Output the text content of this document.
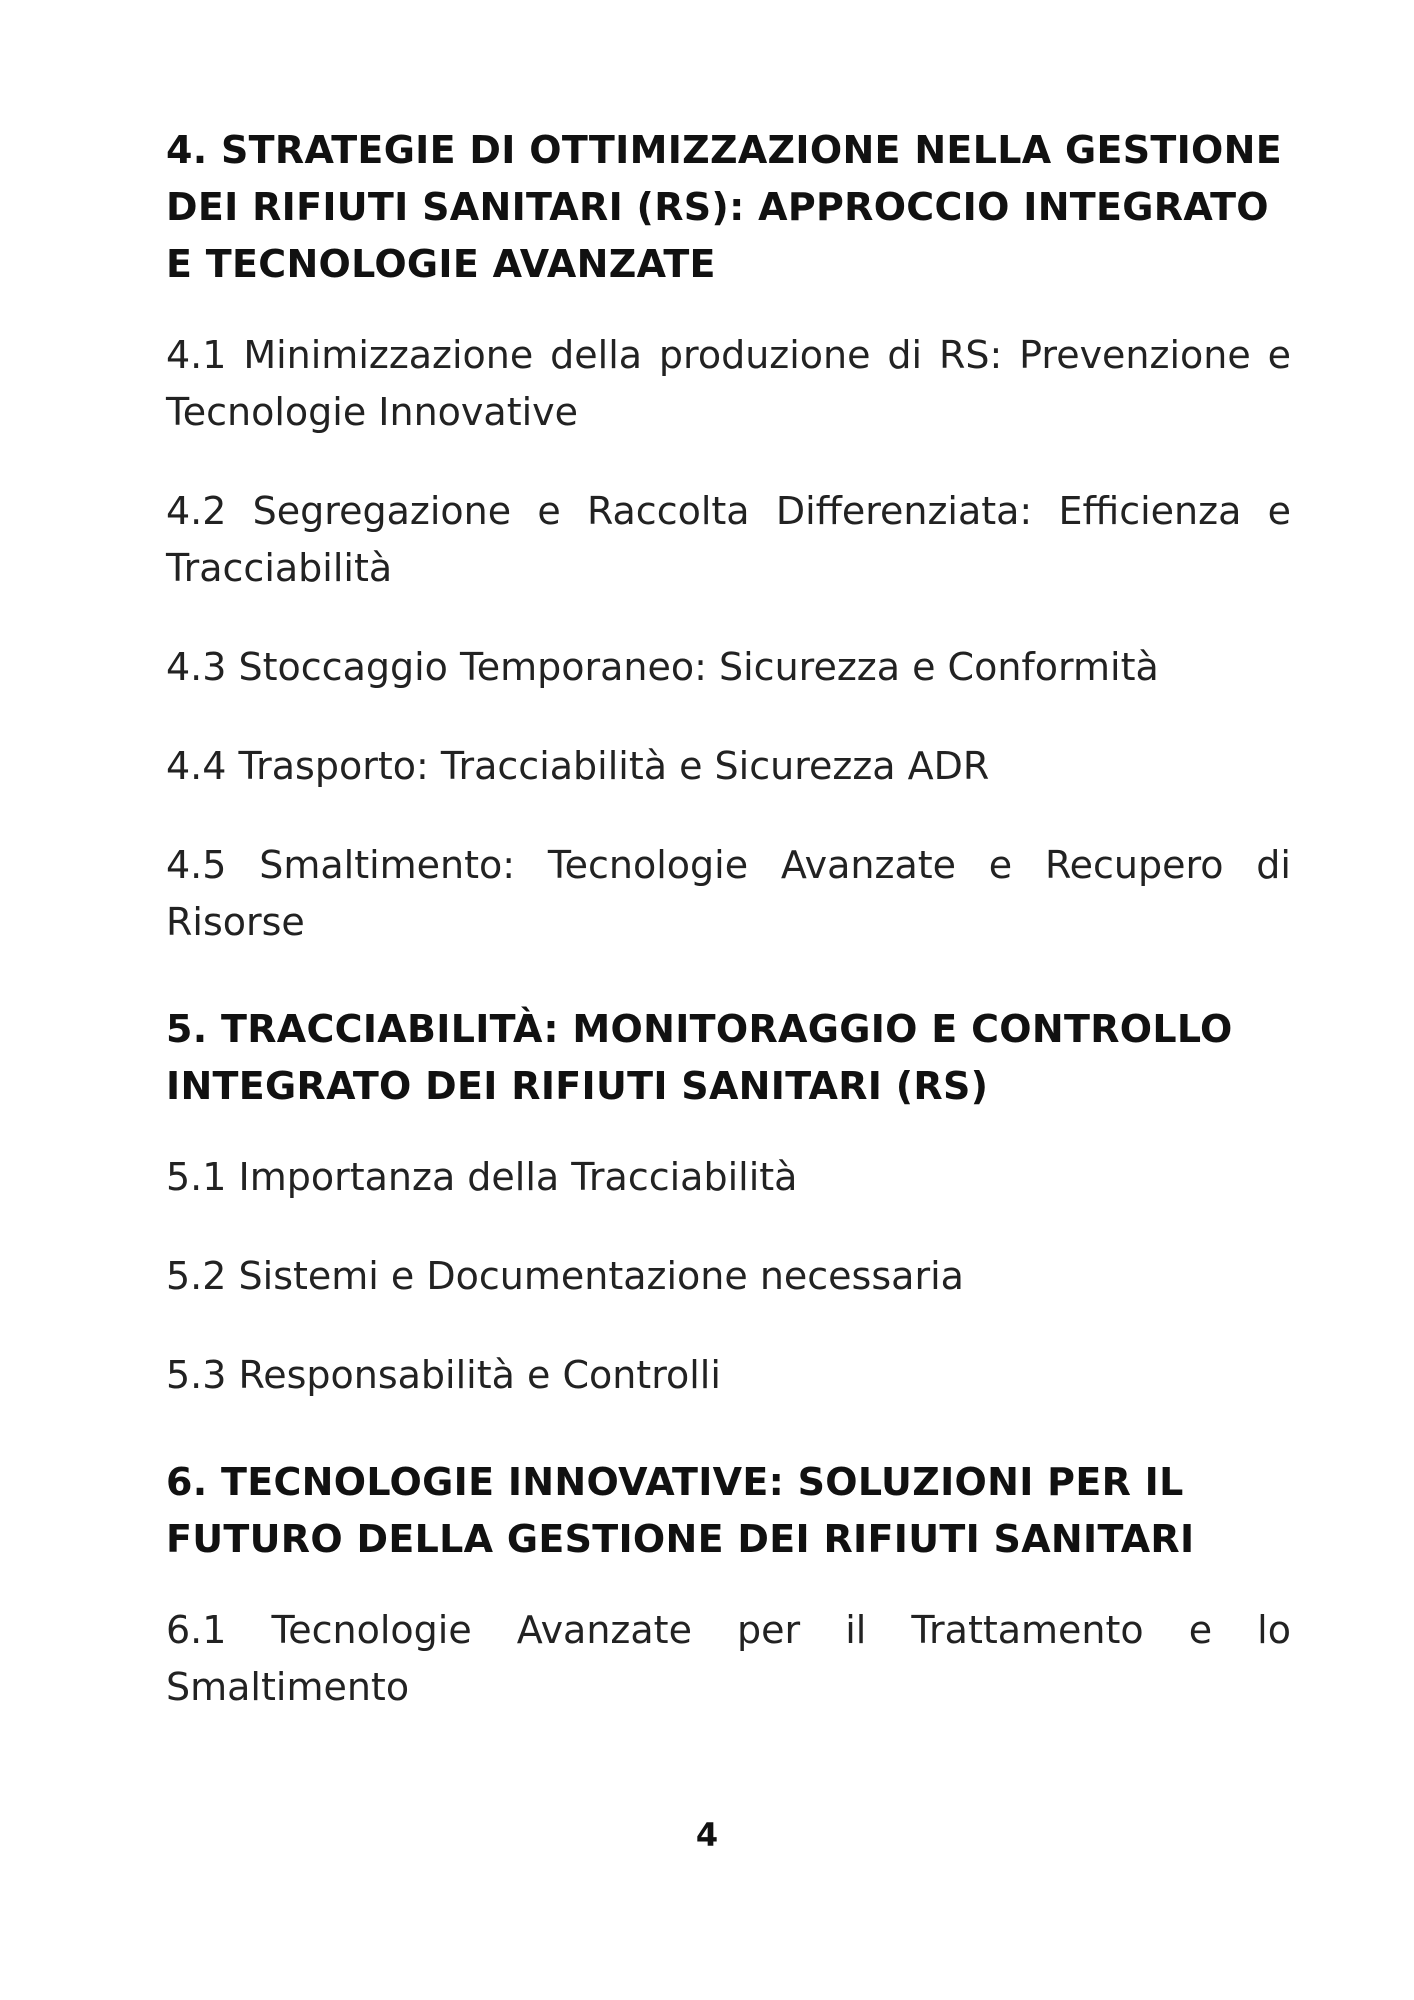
4. STRATEGIE DI OTTIMIZZAZIONE NELLA GESTIONE DEI RIFIUTI SANITARI (RS): APPROCCIO INTEGRATO E TECNOLOGIE AVANZATE

4.1 Minimizzazione della produzione di RS: Prevenzione e Tecnologie Innovative

4.2 Segregazione e Raccolta Differenziata: Efficienza e Tracciabilità

4.3 Stoccaggio Temporaneo: Sicurezza e Conformità

4.4 Trasporto: Tracciabilità e Sicurezza ADR

4.5 Smaltimento: Tecnologie Avanzate e Recupero di Risorse

5. TRACCIABILITÀ: MONITORAGGIO E CONTROLLO INTEGRATO DEI RIFIUTI SANITARI (RS)

5.1 Importanza della Tracciabilità

5.2 Sistemi e Documentazione necessaria

5.3 Responsabilità e Controlli

6. TECNOLOGIE INNOVATIVE: SOLUZIONI PER IL FUTURO DELLA GESTIONE DEI RIFIUTI SANITARI

6.1 Tecnologie Avanzate per il Trattamento e lo Smaltimento

4
